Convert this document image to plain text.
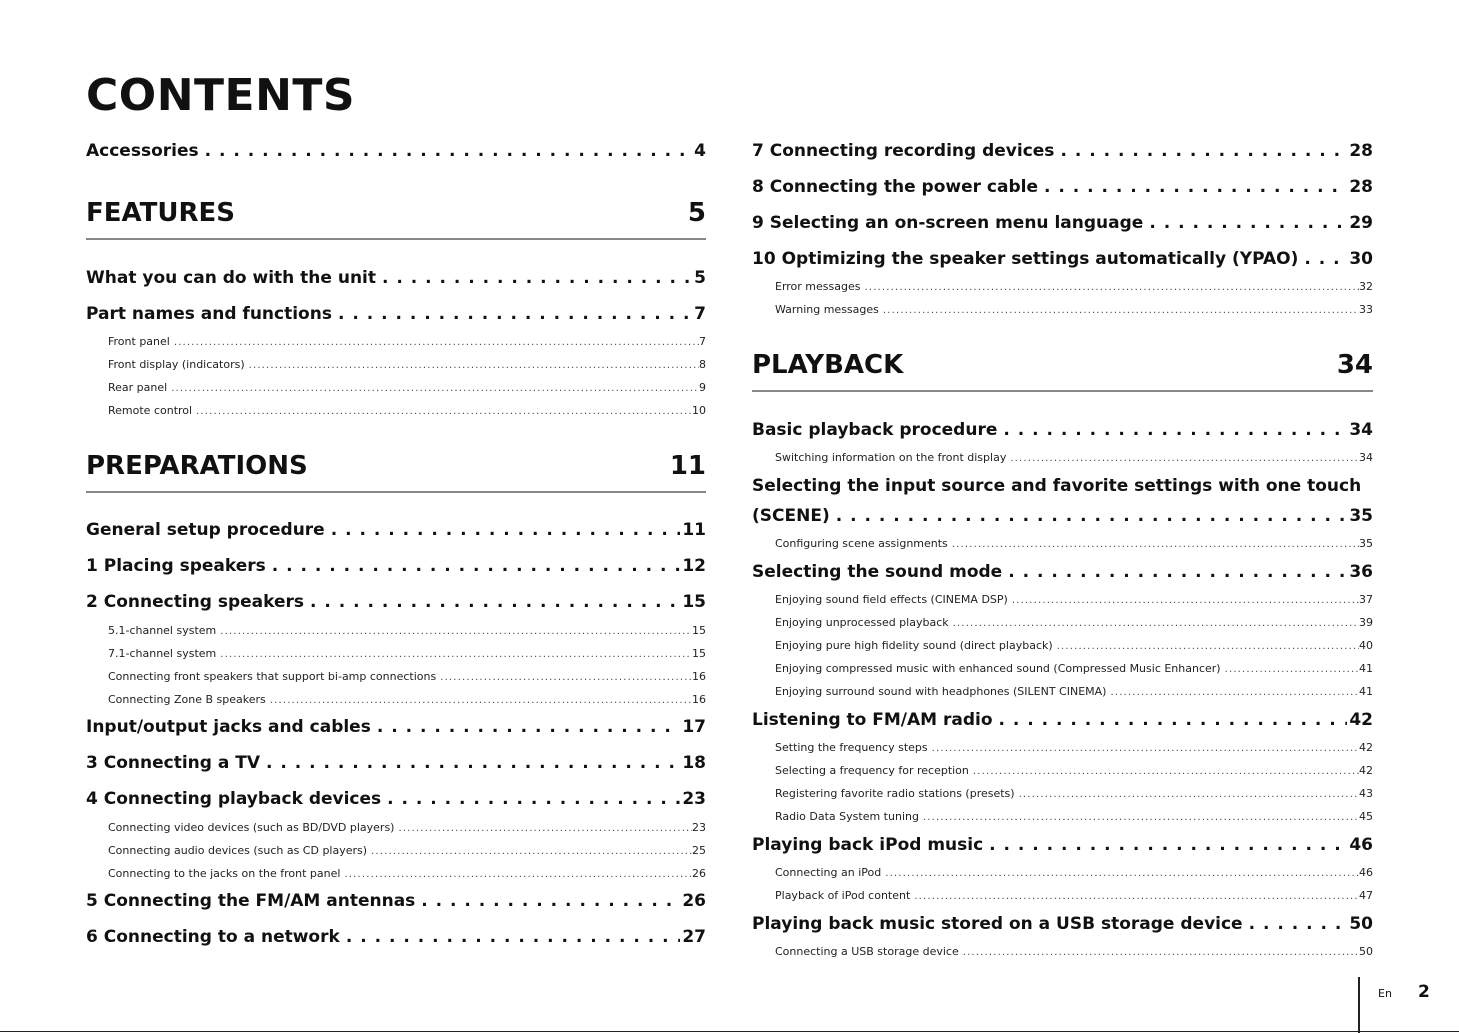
CONTENTS
Accessories . . .	4
FEATURES	5
What you can do with the unit . . .	5
Part names and functions . . .	7
Front panel . . .	7
Front display (indicators) . . .	8
Rear panel . . .	9
Remote control . . .	10
PREPARATIONS	11
General setup procedure . . .	11
1 Placing speakers . . .	12
2 Connecting speakers . . .	15
5.1-channel system . . .	15
7.1-channel system . . .	15
Connecting front speakers that support bi-amp connections . . .	16
Connecting Zone B speakers . . .	16
Input/output jacks and cables . . .	17
3 Connecting a TV . . .	18
4 Connecting playback devices . . .	23
Connecting video devices (such as BD/DVD players) . . .	23
Connecting audio devices (such as CD players) . . .	25
Connecting to the jacks on the front panel . . .	26
5 Connecting the FM/AM antennas . . .	26
6 Connecting to a network . . .	27
7 Connecting recording devices . . .	28
8 Connecting the power cable . . .	28
9 Selecting an on-screen menu language . . .	29
10 Optimizing the speaker settings automatically (YPAO) . . .	30
Error messages . . .	32
Warning messages . . .	33
PLAYBACK	34
Basic playback procedure . . .	34
Switching information on the front display . . .	34
Selecting the input source and favorite settings with one touch
(SCENE) . . .	35
Configuring scene assignments . . .	35
Selecting the sound mode . . .	36
Enjoying sound field effects (CINEMA DSP) . . .	37
Enjoying unprocessed playback . . .	39
Enjoying pure high fidelity sound (direct playback) . . .	40
Enjoying compressed music with enhanced sound (Compressed Music Enhancer) . . .	41
Enjoying surround sound with headphones (SILENT CINEMA) . . .	41
Listening to FM/AM radio . . .	42
Setting the frequency steps . . .	42
Selecting a frequency for reception . . .	42
Registering favorite radio stations (presets) . . .	43
Radio Data System tuning . . .	45
Playing back iPod music . . .	46
Connecting an iPod . . .	46
Playback of iPod content . . .	47
Playing back music stored on a USB storage device . . .	50
Connecting a USB storage device . . .	50
En 2
